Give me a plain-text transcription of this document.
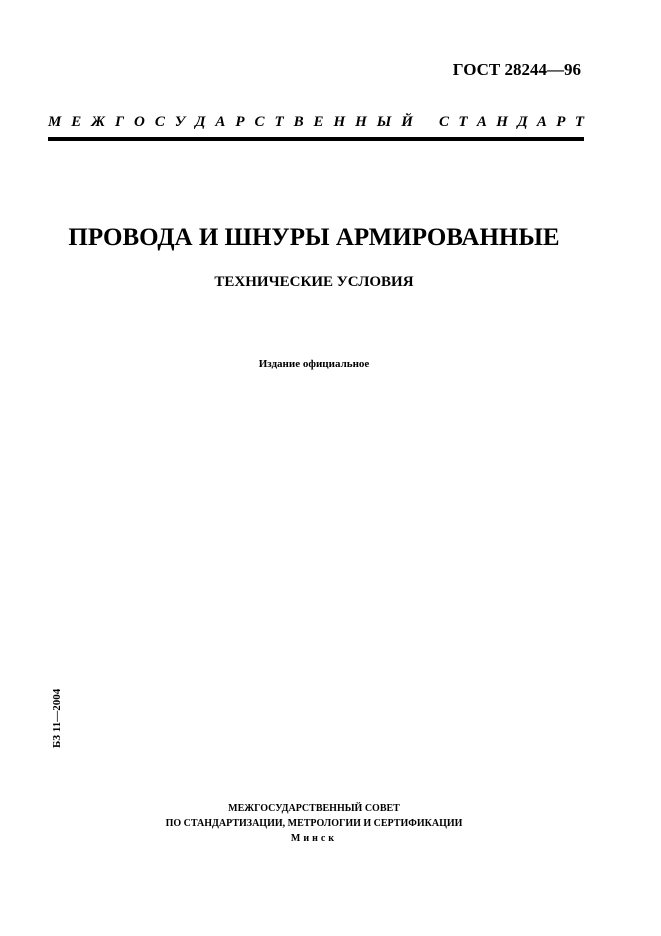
ГОСТ 28244—96
М Е Ж Г О С У Д А Р С Т В Е Н Н Ы Й С Т А Н Д А Р Т
ПРОВОДА И ШНУРЫ АРМИРОВАННЫЕ
ТЕХНИЧЕСКИЕ УСЛОВИЯ
Издание официальное
БЗ 11—2004
МЕЖГОСУДАРСТВЕННЫЙ СОВЕТ
ПО СТАНДАРТИЗАЦИИ, МЕТРОЛОГИИ И СЕРТИФИКАЦИИ
Минск
